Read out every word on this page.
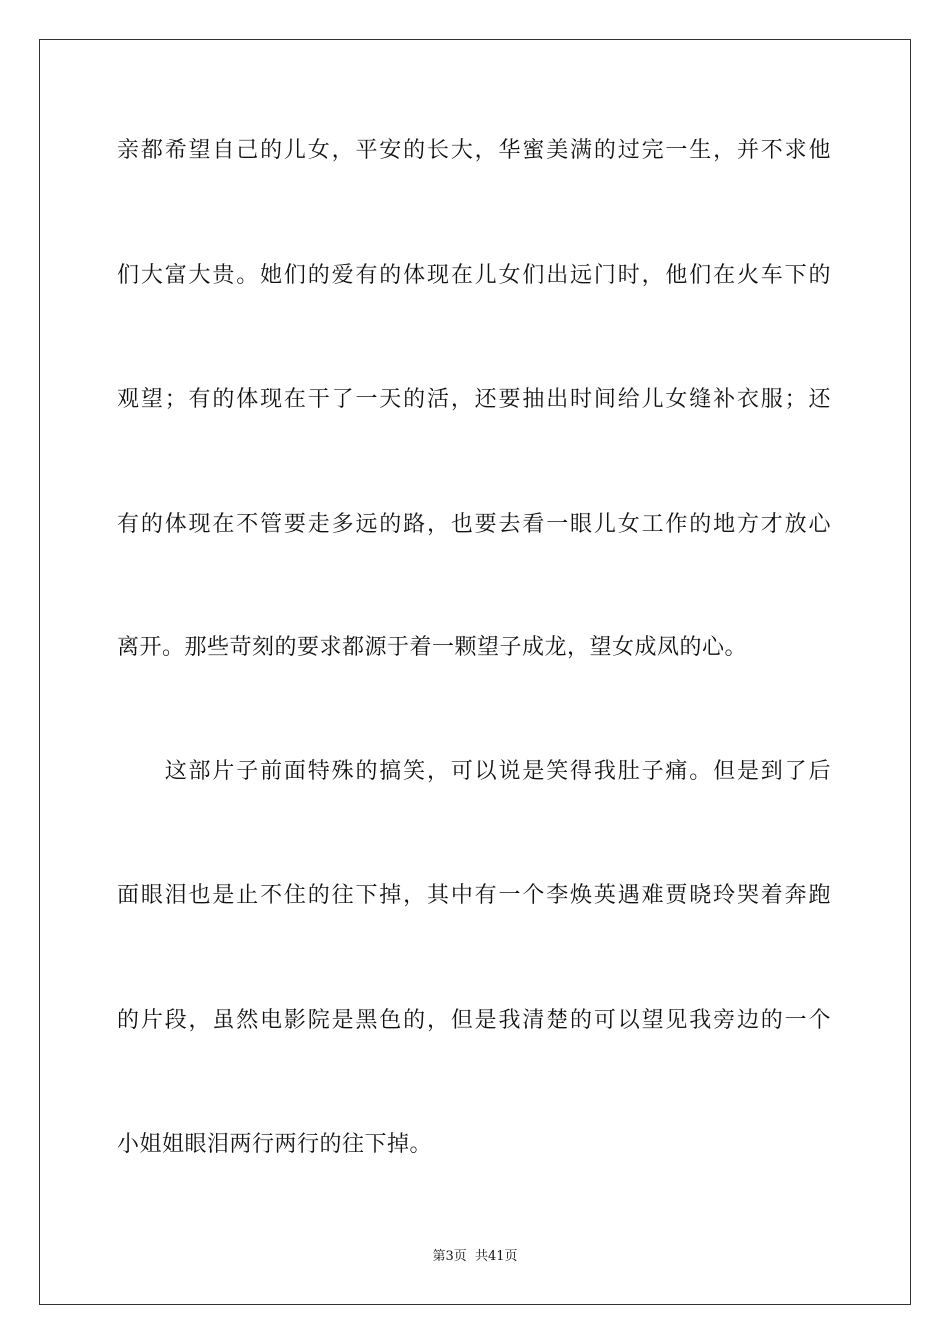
亲都希望自己的儿女，平安的长大，华蜜美满的过完一生，并不求他
们大富大贵。她们的爱有的体现在儿女们出远门时，他们在火车下的
观望；有的体现在干了一天的活，还要抽出时间给儿女缝补衣服；还
有的体现在不管要走多远的路，也要去看一眼儿女工作的地方才放心
离开。那些苛刻的要求都源于着一颗望子成龙，望女成凤的心。
　　这部片子前面特殊的搞笑，可以说是笑得我肚子痛。但是到了后
面眼泪也是止不住的往下掉，其中有一个李焕英遇难贾晓玲哭着奔跑
的片段，虽然电影院是黑色的，但是我清楚的可以望见我旁边的一个
小姐姐眼泪两行两行的往下掉。
第3页 共41页
